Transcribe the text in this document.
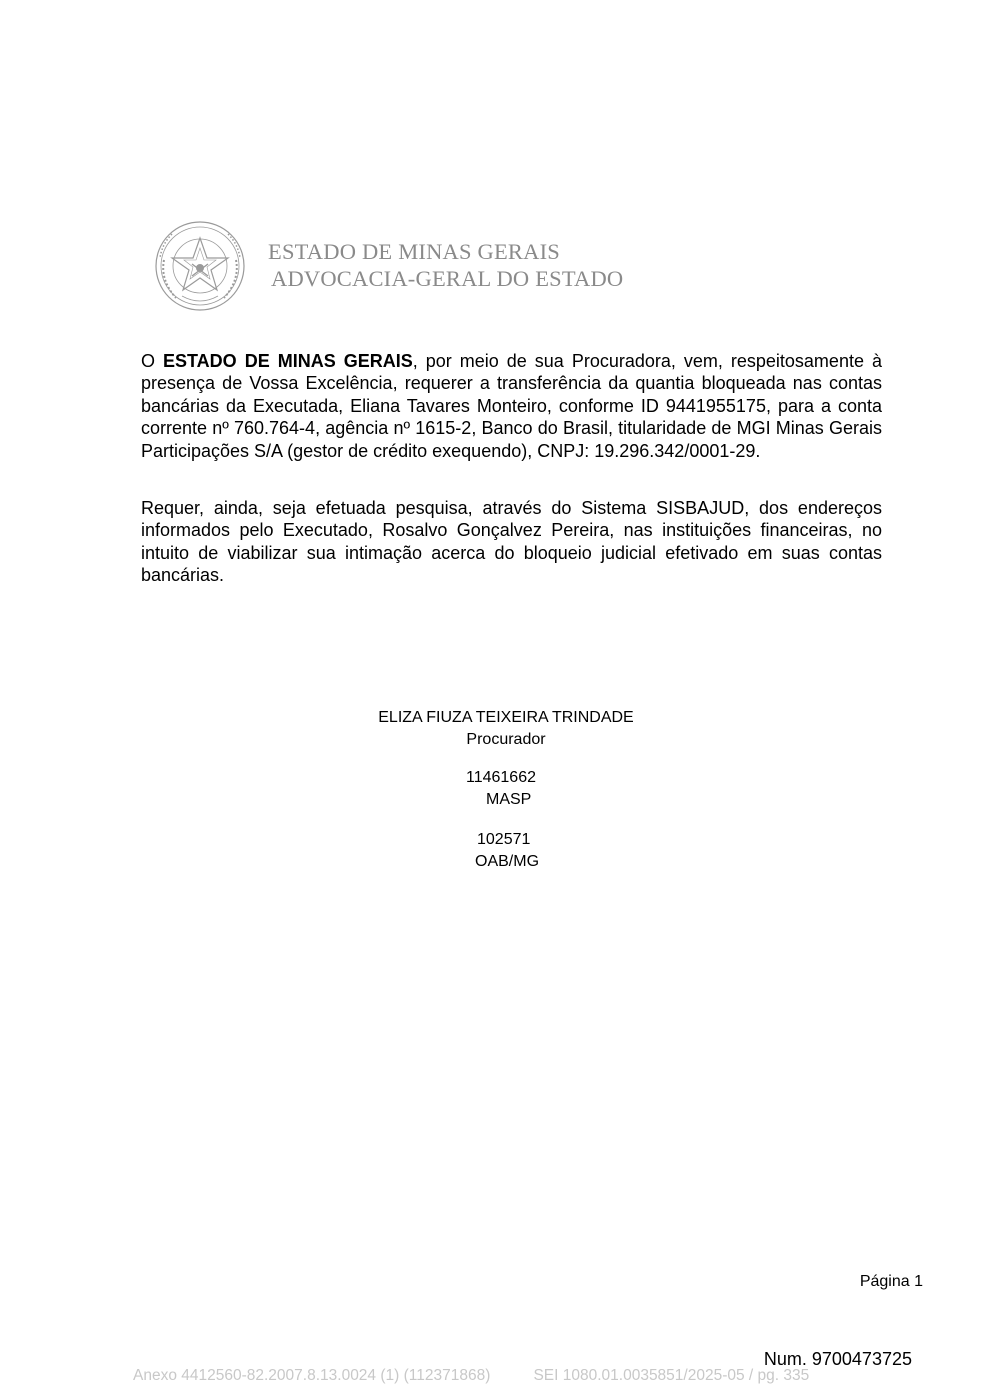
ESTADO DE MINAS GERAIS
ADVOCACIA-GERAL DO ESTADO
O ESTADO DE MINAS GERAIS, por meio de sua Procuradora, vem, respeitosamente à presença de Vossa Excelência, requerer a transferência da quantia bloqueada nas contas bancárias da Executada, Eliana Tavares Monteiro, conforme ID 9441955175, para a conta corrente nº 760.764-4, agência nº 1615-2, Banco do Brasil, titularidade de MGI Minas Gerais Participações S/A (gestor de crédito exequendo), CNPJ: 19.296.342/0001-29.
Requer, ainda, seja efetuada pesquisa, através do Sistema SISBAJUD, dos endereços informados pelo Executado, Rosalvo Gonçalvez Pereira, nas instituições financeiras, no intuito de viabilizar sua intimação acerca do bloqueio judicial efetivado em suas contas bancárias.
ELIZA FIUZA TEIXEIRA TRINDADE
Procurador
11461662
MASP
102571
OAB/MG
Página 1
Num. 9700473725
Anexo 4412560-82.2007.8.13.0024 (1) (112371868)	SEI 1080.01.0035851/2025-05 / pg. 335
